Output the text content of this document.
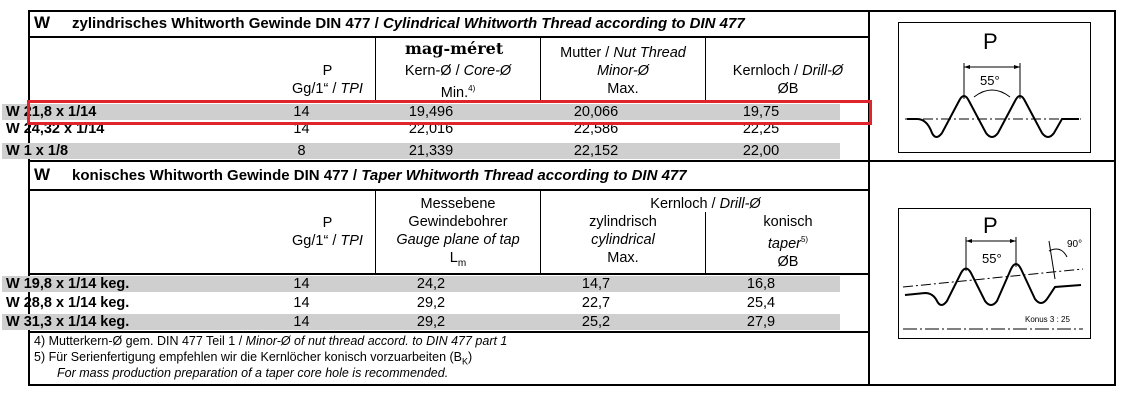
W zylindrisches Whitworth Gewinde DIN 477 / Cylindrical Whitworth Thread according to DIN 477
mag-méret
P
Gg/1“ / TPI
Kern-Ø / Core-Ø
Min.$^{4)}$
Mutter / Nut Thread
Minor-Ø
Max.
Kernloch / Drill-Ø
ØB
W 21,8 x 1/14	14	19,496	20,066	19,75
W 24,32 x 1/14	14	22,016	22,586	22,25
W 1 x 1/8	8	21,339	22,152	22,00
W konisches Whitworth Gewinde DIN 477 / Taper Whitworth Thread according to DIN 477
P
Gg/1“ / TPI
Messebene
Gewindebohrer
Gauge plane of tap
$L_m$
Kernloch / Drill-Ø
zylindrisch
cylindrical
Max.
konisch
taper$^{5)}$
ØB
W 19,8 x 1/14 keg.	14	24,2	14,7	16,8
W 28,8 x 1/14 keg.	14	29,2	22,7	25,4
W 31,3 x 1/14 keg.	14	29,2	25,2	27,9
4) Mutterkern-Ø gem. DIN 477 Teil 1 / Minor-Ø of nut thread accord. to DIN 477 part 1
5) Für Serienfertigung empfehlen wir die Kernlöcher konisch vorzuarbeiten $(B_K)$
For mass production preparation of a taper core hole is recommended.
P
55°
P
55°
90°
Konus 3 : 25
